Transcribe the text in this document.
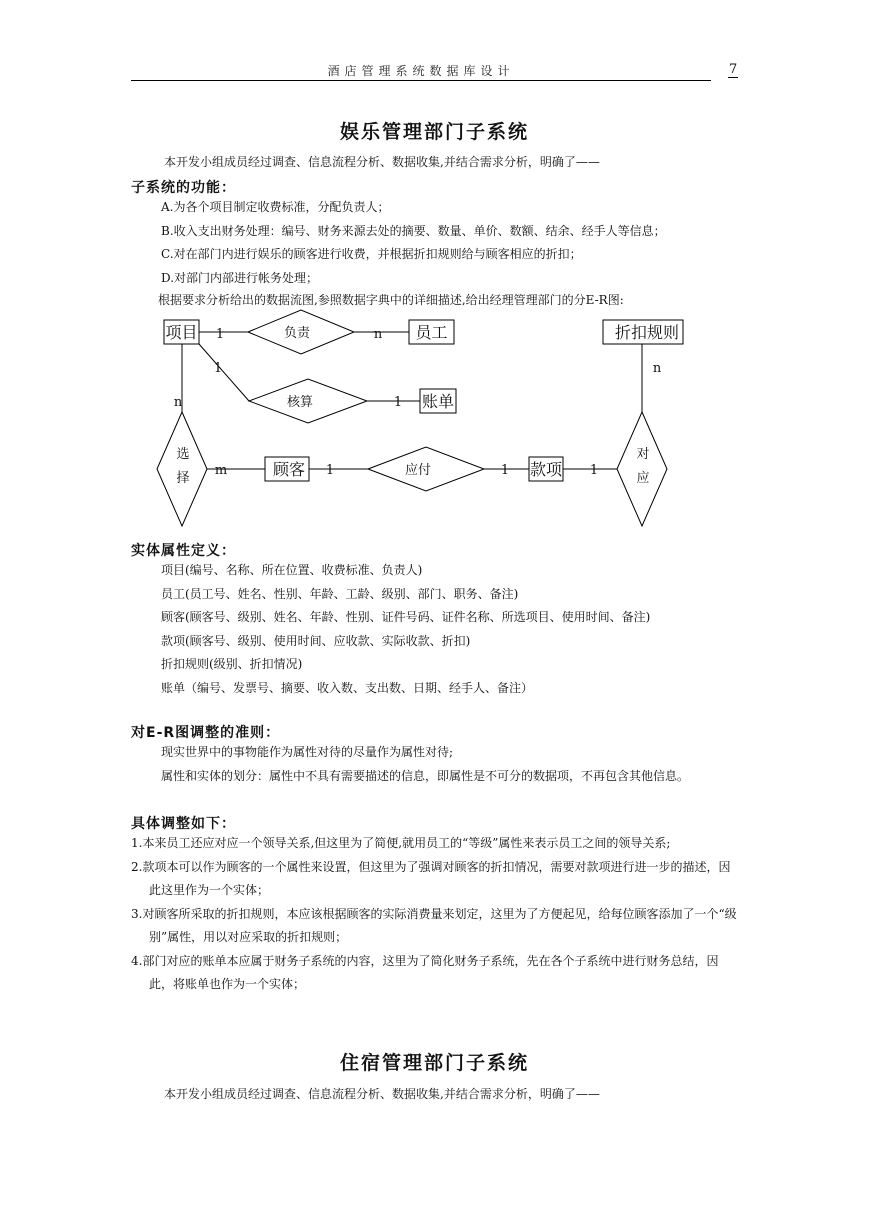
酒店管理系统数据库设计	7
娱乐管理部门子系统
本开发小组成员经过调查、信息流程分析、数据收集,并结合需求分析，明确了——
子系统的功能：
A.为各个项目制定收费标准，分配负责人；
B.收入支出财务处理：编号、财务来源去处的摘要、数量、单价、数额、结余、经手人等信息；
C.对在部门内进行娱乐的顾客进行收费，并根据折扣规则给与顾客相应的折扣；
D.对部门内部进行帐务处理；
根据要求分析给出的数据流图,参照数据字典中的详细描述,给出经理管理部门的分E-R图:
项目	员工	折扣规则
账单
顾客	款项
负责
核算
应付
选
择
对
应
1	n
1
1
n
m	1	1	1
n
实体属性定义：
项目(编号、名称、所在位置、收费标准、负责人)
员工(员工号、姓名、性别、年龄、工龄、级别、部门、职务、备注)
顾客(顾客号、级别、姓名、年龄、性别、证件号码、证件名称、所选项目、使用时间、备注)
款项(顾客号、级别、使用时间、应收款、实际收款、折扣)
折扣规则(级别、折扣情况)
账单（编号、发票号、摘要、收入数、支出数、日期、经手人、备注）
对E-R图调整的准则：
现实世界中的事物能作为属性对待的尽量作为属性对待;
属性和实体的划分：属性中不具有需要描述的信息，即属性是不可分的数据项，不再包含其他信息。
具体调整如下：
1.本来员工还应对应一个领导关系,但这里为了简便,就用员工的“等级”属性来表示员工之间的领导关系;
2.款项本可以作为顾客的一个属性来设置，但这里为了强调对顾客的折扣情况，需要对款项进行进一步的描述，因此这里作为一个实体；
3.对顾客所采取的折扣规则，本应该根据顾客的实际消费量来划定，这里为了方便起见，给每位顾客添加了一个“级别”属性，用以对应采取的折扣规则；
4.部门对应的账单本应属于财务子系统的内容，这里为了简化财务子系统，先在各个子系统中进行财务总结，因此，将账单也作为一个实体；
住宿管理部门子系统
本开发小组成员经过调查、信息流程分析、数据收集,并结合需求分析，明确了——
